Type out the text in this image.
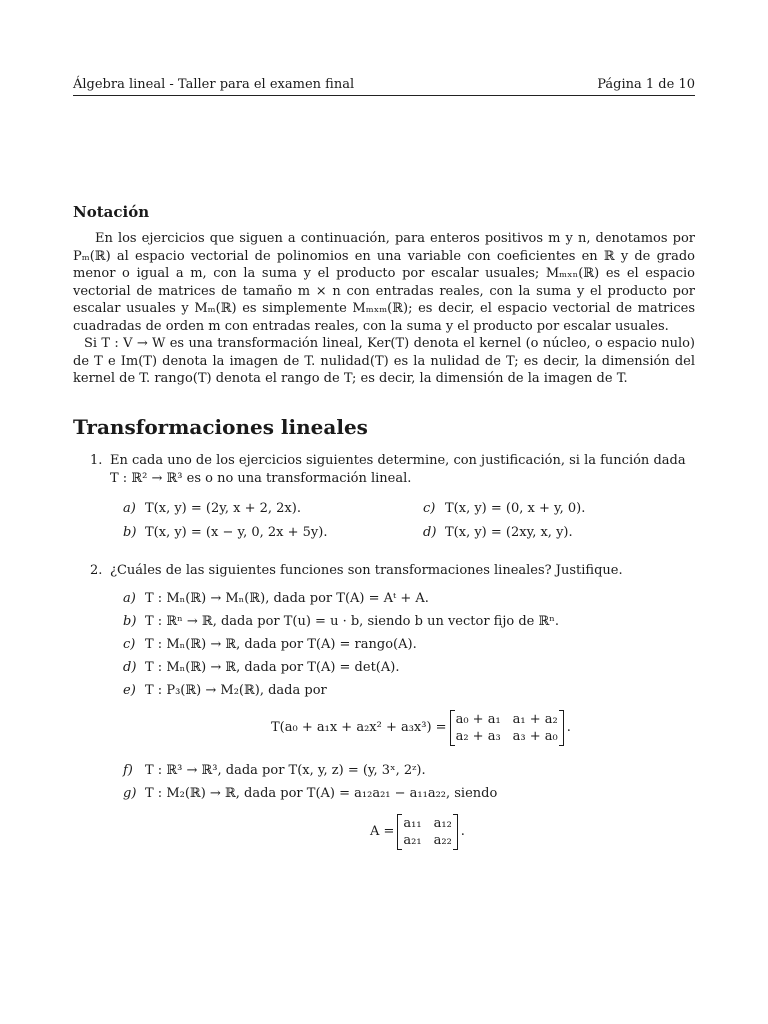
Álgebra lineal - Taller para el examen final	Página 1 de 10
Notación

En los ejercicios que siguen a continuación, para enteros positivos m y n, denotamos por Pₘ(ℝ) al espacio vectorial de polinomios en una variable con coeficientes en ℝ y de grado menor o igual a m, con la suma y el producto por escalar usuales; Mₘₓₙ(ℝ) es el espacio vectorial de matrices de tamaño m × n con entradas reales, con la suma y el producto por escalar usuales y Mₘ(ℝ) es simplemente Mₘₓₘ(ℝ); es decir, el espacio vectorial de matrices cuadradas de orden m con entradas reales, con la suma y el producto por escalar usuales.

Si T : V → W es una transformación lineal, Ker(T) denota el kernel (o núcleo, o espacio nulo) de T e Im(T) denota la imagen de T. nulidad(T) es la nulidad de T; es decir, la dimensión del kernel de T. rango(T) denota el rango de T; es decir, la dimensión de la imagen de T.

Transformaciones lineales
1. En cada uno de los ejercicios siguientes determine, con justificación, si la función dada
T : ℝ² → ℝ³ es o no una transformación lineal.
a) T(x, y) = (2y, x + 2, 2x).
b) T(x, y) = (x − y, 0, 2x + 5y).
c) T(x, y) = (0, x + y, 0).
d) T(x, y) = (2xy, x, y).
2. ¿Cuáles de las siguientes funciones son transformaciones lineales? Justifique.
a) T : Mₙ(ℝ) → Mₙ(ℝ), dada por T(A) = Aᵗ + A.
b) T : ℝⁿ → ℝ, dada por T(u) = u · b, siendo b un vector fijo de ℝⁿ.
c) T : Mₙ(ℝ) → ℝ, dada por T(A) = rango(A).
d) T : Mₙ(ℝ) → ℝ, dada por T(A) = det(A).
e) T : P₃(ℝ) → M₂(ℝ), dada por
T(a₀ + a₁x + a₂x² + a₃x³) =
a₀ + a₁ a₁ + a₂
a₂ + a₃ a₃ + a₀
.
f) T : ℝ³ → ℝ³, dada por T(x, y, z) = (y, 3ˣ, 2ᶻ).
g) T : M₂(ℝ) → ℝ, dada por T(A) = a₁₂a₂₁ − a₁₁a₂₂, siendo
A =
a₁₁ a₁₂
a₂₁ a₂₂
.
